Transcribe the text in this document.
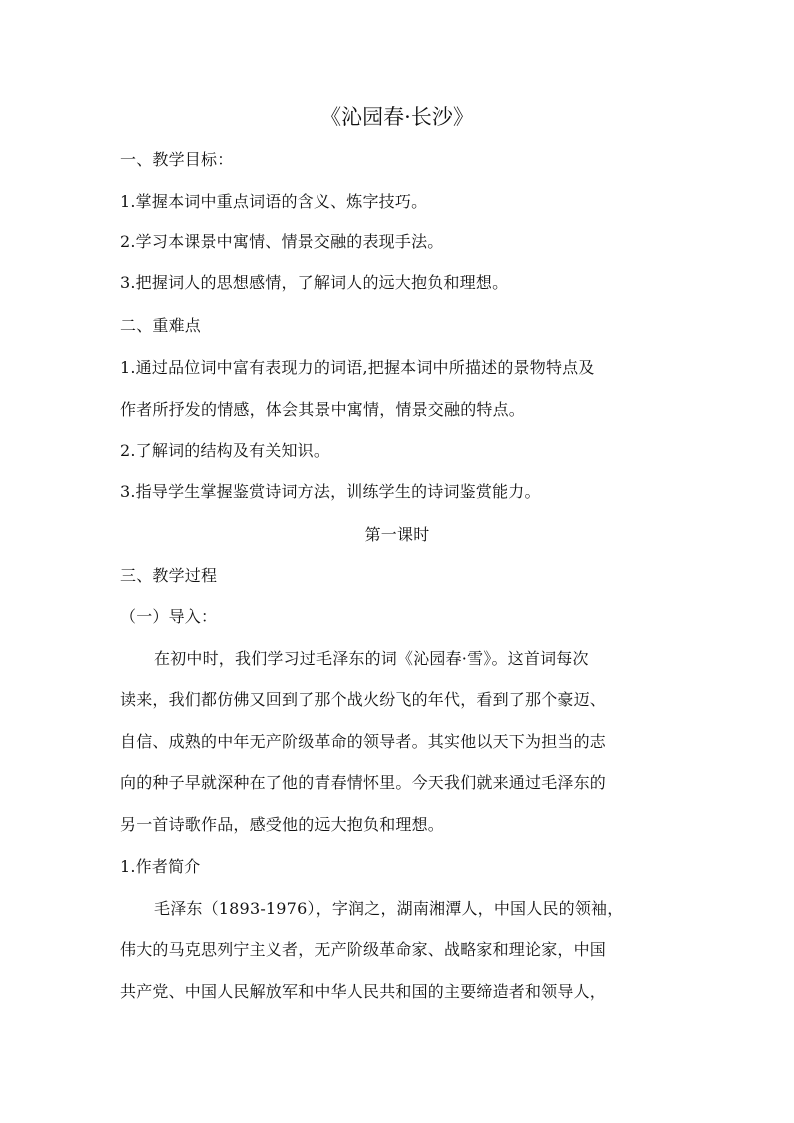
《沁园春·长沙》
一、教学目标：
1.掌握本词中重点词语的含义、炼字技巧。
2.学习本课景中寓情、情景交融的表现手法。
3.把握词人的思想感情，了解词人的远大抱负和理想。
二、重难点
1.通过品位词中富有表现力的词语,把握本词中所描述的景物特点及
作者所抒发的情感，体会其景中寓情，情景交融的特点。
2.了解词的结构及有关知识。
3.指导学生掌握鉴赏诗词方法，训练学生的诗词鉴赏能力。
第一课时
三、教学过程
（一）导入：
在初中时，我们学习过毛泽东的词《沁园春·雪》。这首词每次
读来，我们都仿佛又回到了那个战火纷飞的年代，看到了那个豪迈、
自信、成熟的中年无产阶级革命的领导者。其实他以天下为担当的志
向的种子早就深种在了他的青春情怀里。今天我们就来通过毛泽东的
另一首诗歌作品，感受他的远大抱负和理想。
1.作者简介
毛泽东（1893-1976），字润之，湖南湘潭人，中国人民的领袖，
伟大的马克思列宁主义者，无产阶级革命家、战略家和理论家，中国
共产党、中国人民解放军和中华人民共和国的主要缔造者和领导人，
